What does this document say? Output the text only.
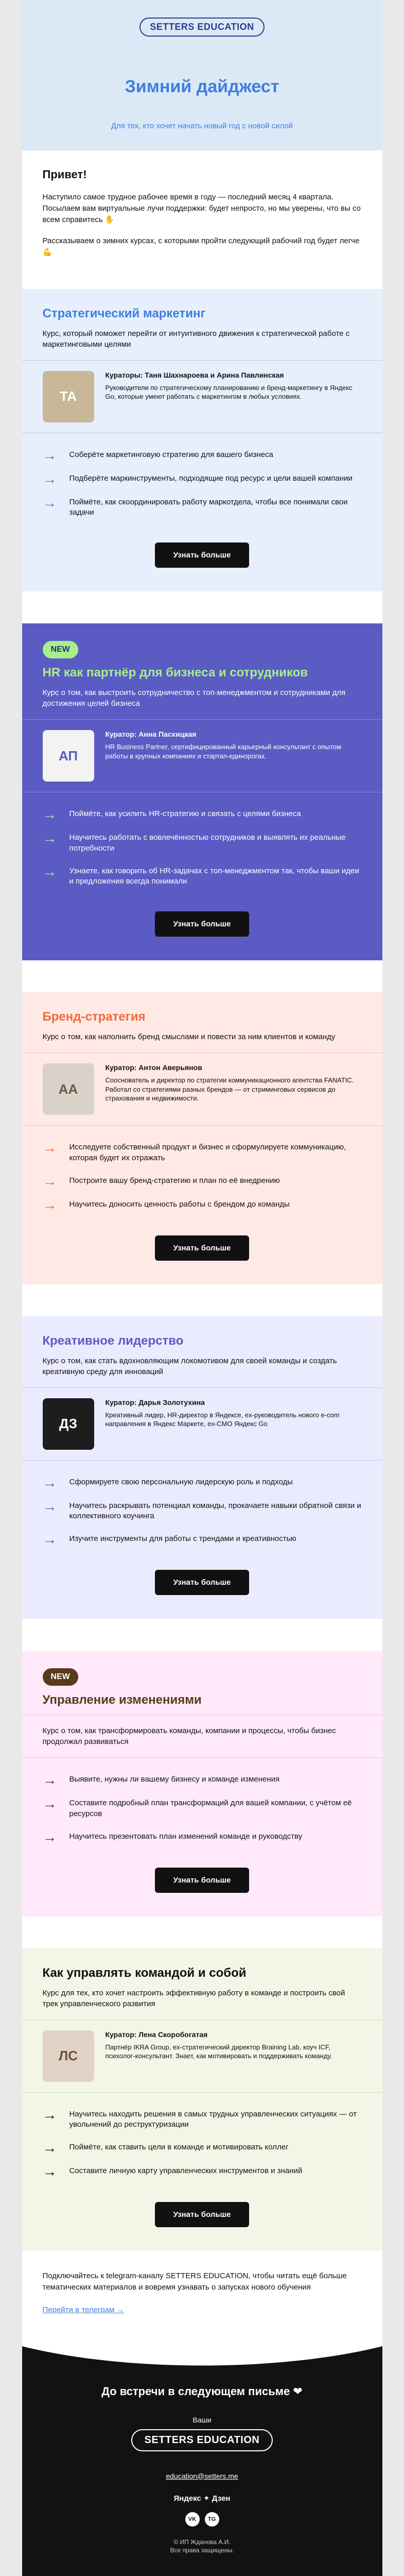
SETTERS EDUCATION
Зимний дайджест
Для тех, кто хочет начать новый год с новой силой
Привет!

Наступило самое трудное рабочее время в году — последний месяц 4 квартала. Посылаем вам виртуальные лучи поддержки: будет непросто, но мы уверены, что вы со всем справитесь ✋

Рассказываем о зимних курсах, с которыми пройти следующий рабочий год будет легче 💪

Стратегический маркетинг
Курс, который поможет перейти от интуитивного движения к стратегической работе с маркетинговыми целями
ТА
Кураторы: Таня Шахнароева и Арина Павлинская
Руководители по стратегическому планированию и бренд-маркетингу в Яндекс Go, которые умеют работать с маркетингом в любых условиях.
→ Соберёте маркетинговую стратегию для вашего бизнеса
→ Подберёте маркинструменты, подходящие под ресурс и цели вашей компании
→ Поймёте, как скоординировать работу маркотдела, чтобы все понимали свои задачи
Узнать больше
NEW
HR как партнёр для бизнеса и сотрудников
Курс о том, как выстроить сотрудничество с топ-менеджментом и сотрудниками для достижения целей бизнеса
АП
Куратор: Анна Пасхицкая
HR Business Partner, сертифицированный карьерный консультант с опытом работы в крупных компаниях и стартап-единорогах.
→ Поймёте, как усилить HR-стратегию и связать с целями бизнеса
→ Научитесь работать с вовлечённостью сотрудников и выявлять их реальные потребности
→ Узнаете, как говорить об HR-задачах с топ-менеджментом так, чтобы ваши идеи и предложения всегда понимали
Узнать больше
Бренд-стратегия
Курс о том, как наполнить бренд смыслами и повести за ним клиентов и команду
АА
Куратор: Антон Аверьянов
Сооснователь и директор по стратегии коммуникационного агентства FANATIC. Работал со стратегиями разных брендов — от стриминговых сервисов до страхования и недвижимости.
→ Исследуете собственный продукт и бизнес и сформулируете коммуникацию, которая будет их отражать
→ Построите вашу бренд-стратегию и план по её внедрению
→ Научитесь доносить ценность работы с брендом до команды
Узнать больше
Креативное лидерство
Курс о том, как стать вдохновляющим локомотивом для своей команды и создать креативную среду для инноваций
ДЗ
Куратор: Дарья Золотухина
Креативный лидер, HR-директор в Яндексе, ex-руководитель нового e-com направления в Яндекс Маркете, ex-CMO Яндекс Go
→ Сформируете свою персональную лидерскую роль и подходы
→ Научитесь раскрывать потенциал команды, прокачаете навыки обратной связи и коллективного коучинга
→ Изучите инструменты для работы с трендами и креативностью
Узнать больше
NEW
Управление изменениями
Курс о том, как трансформировать команды, компании и процессы, чтобы бизнес продолжал развиваться
→ Выявите, нужны ли вашему бизнесу и команде изменения
→ Составите подробный план трансформаций для вашей компании, с учётом её ресурсов
→ Научитесь презентовать план изменений команде и руководству
Узнать больше
Как управлять командой и собой
Курс для тех, кто хочет настроить эффективную работу в команде и построить свой трек управленческого развития
ЛС
Куратор: Лена Скоробогатая
Партнёр IKRA Group, ex-стратегический директор Braining Lab, коуч ICF, психолог-консультант. Знает, как мотивировать и поддерживать команду.
→ Научитесь находить решения в самых трудных управленческих ситуациях — от увольнений до реструктуризации
→ Поймёте, как ставить цели в команде и мотивировать коллег
→ Составите личную карту управленческих инструментов и знаний
Узнать больше
Подключайтесь к telegram-каналу SETTERS EDUCATION, чтобы читать ещё больше тематических материалов и вовремя узнавать о запусках нового обучения
Перейти в телеграм →
До встречи в следующем письме ❤
Ваши
SETTERS EDUCATION
education@setters.me
Яндекс ✦ Дзен
VK	TG
© ИП Жданова А.И.
Все права защищены.
